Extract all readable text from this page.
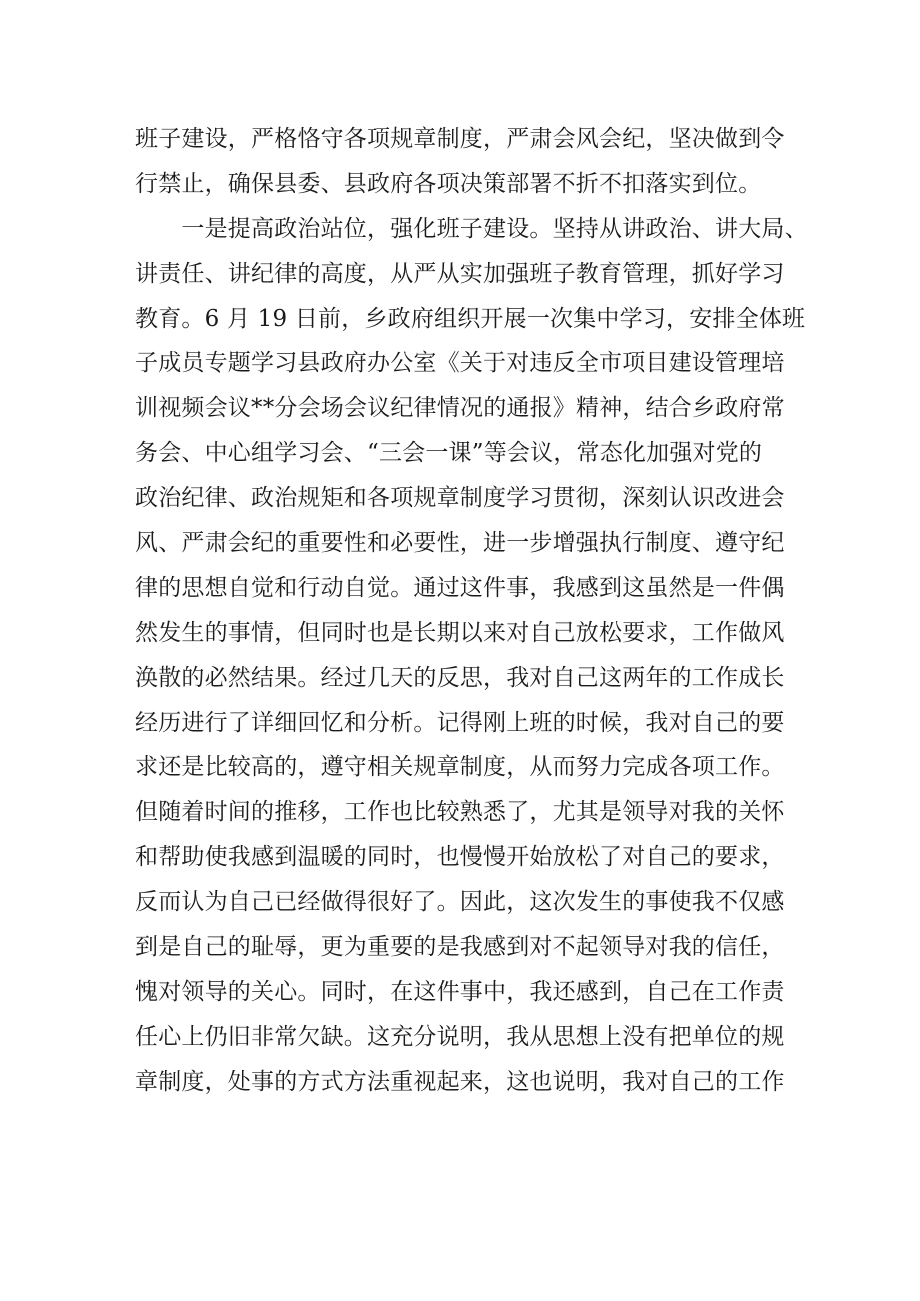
班子建设，严格恪守各项规章制度，严肃会风会纪，坚决做到令
行禁止，确保县委、县政府各项决策部署不折不扣落实到位。
　　一是提高政治站位，强化班子建设。坚持从讲政治、讲大局、
讲责任、讲纪律的高度，从严从实加强班子教育管理，抓好学习
教育。6 月 19 日前，乡政府组织开展一次集中学习，安排全体班
子成员专题学习县政府办公室《关于对违反全市项目建设管理培
训视频会议**分会场会议纪律情况的通报》精神，结合乡政府常
务会、中心组学习会、“三会一课”等会议，常态化加强对党的
政治纪律、政治规矩和各项规章制度学习贯彻，深刻认识改进会
风、严肃会纪的重要性和必要性，进一步增强执行制度、遵守纪
律的思想自觉和行动自觉。通过这件事，我感到这虽然是一件偶
然发生的事情，但同时也是长期以来对自己放松要求，工作做风
涣散的必然结果。经过几天的反思，我对自己这两年的工作成长
经历进行了详细回忆和分析。记得刚上班的时候，我对自己的要
求还是比较高的，遵守相关规章制度，从而努力完成各项工作。
但随着时间的推移，工作也比较熟悉了，尤其是领导对我的关怀
和帮助使我感到温暖的同时，也慢慢开始放松了对自己的要求，
反而认为自己已经做得很好了。因此，这次发生的事使我不仅感
到是自己的耻辱，更为重要的是我感到对不起领导对我的信任，
愧对领导的关心。同时，在这件事中，我还感到，自己在工作责
任心上仍旧非常欠缺。这充分说明，我从思想上没有把单位的规
章制度，处事的方式方法重视起来，这也说明，我对自己的工作
